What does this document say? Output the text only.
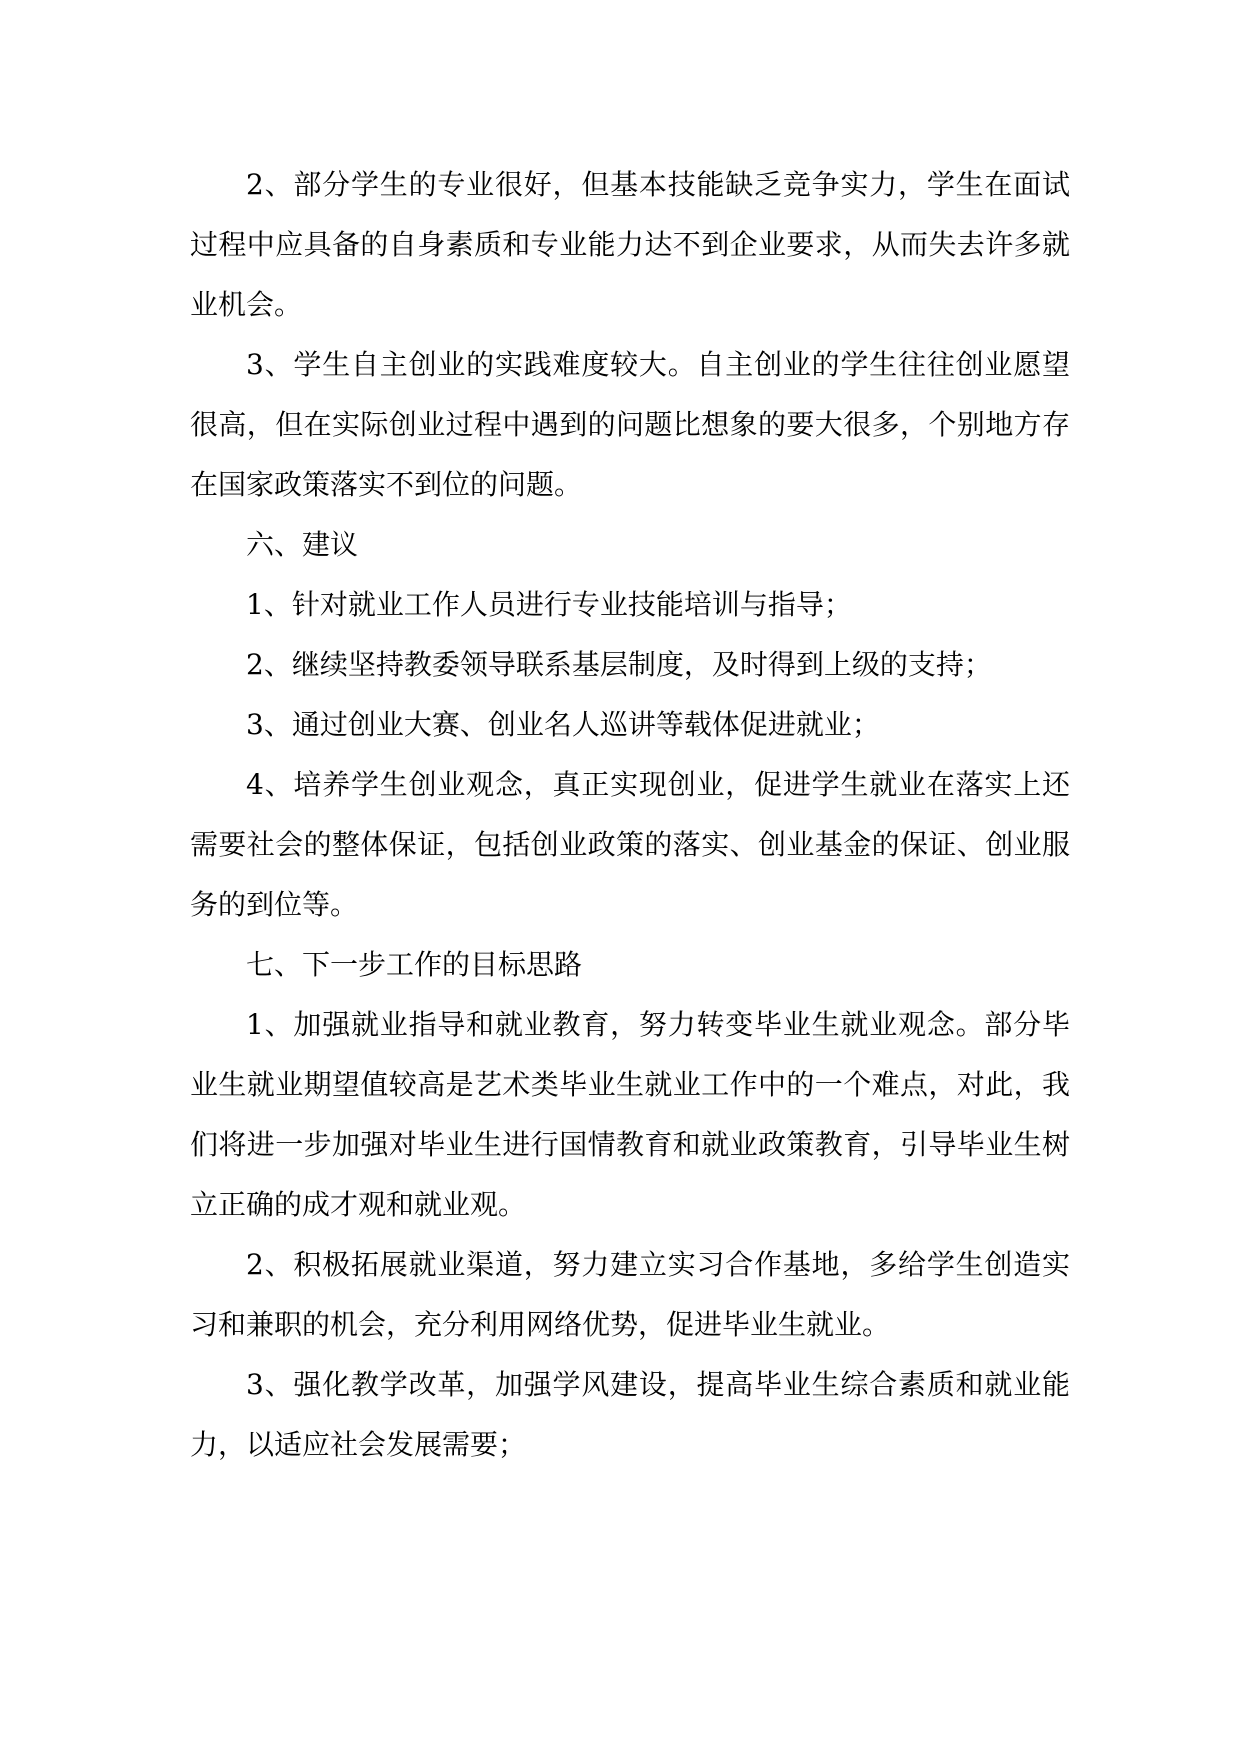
2、部分学生的专业很好，但基本技能缺乏竞争实力，学生在面试过程中应具备的自身素质和专业能力达不到企业要求，从而失去许多就业机会。

3、学生自主创业的实践难度较大。自主创业的学生往往创业愿望很高，但在实际创业过程中遇到的问题比想象的要大很多，个别地方存在国家政策落实不到位的问题。

六、建议

1、针对就业工作人员进行专业技能培训与指导；

2、继续坚持教委领导联系基层制度，及时得到上级的支持；

3、通过创业大赛、创业名人巡讲等载体促进就业；

4、培养学生创业观念，真正实现创业，促进学生就业在落实上还需要社会的整体保证，包括创业政策的落实、创业基金的保证、创业服务的到位等。

七、下一步工作的目标思路

1、加强就业指导和就业教育，努力转变毕业生就业观念。部分毕业生就业期望值较高是艺术类毕业生就业工作中的一个难点，对此，我们将进一步加强对毕业生进行国情教育和就业政策教育，引导毕业生树立正确的成才观和就业观。

2、积极拓展就业渠道，努力建立实习合作基地，多给学生创造实习和兼职的机会，充分利用网络优势，促进毕业生就业。

3、强化教学改革，加强学风建设，提高毕业生综合素质和就业能力，以适应社会发展需要；
